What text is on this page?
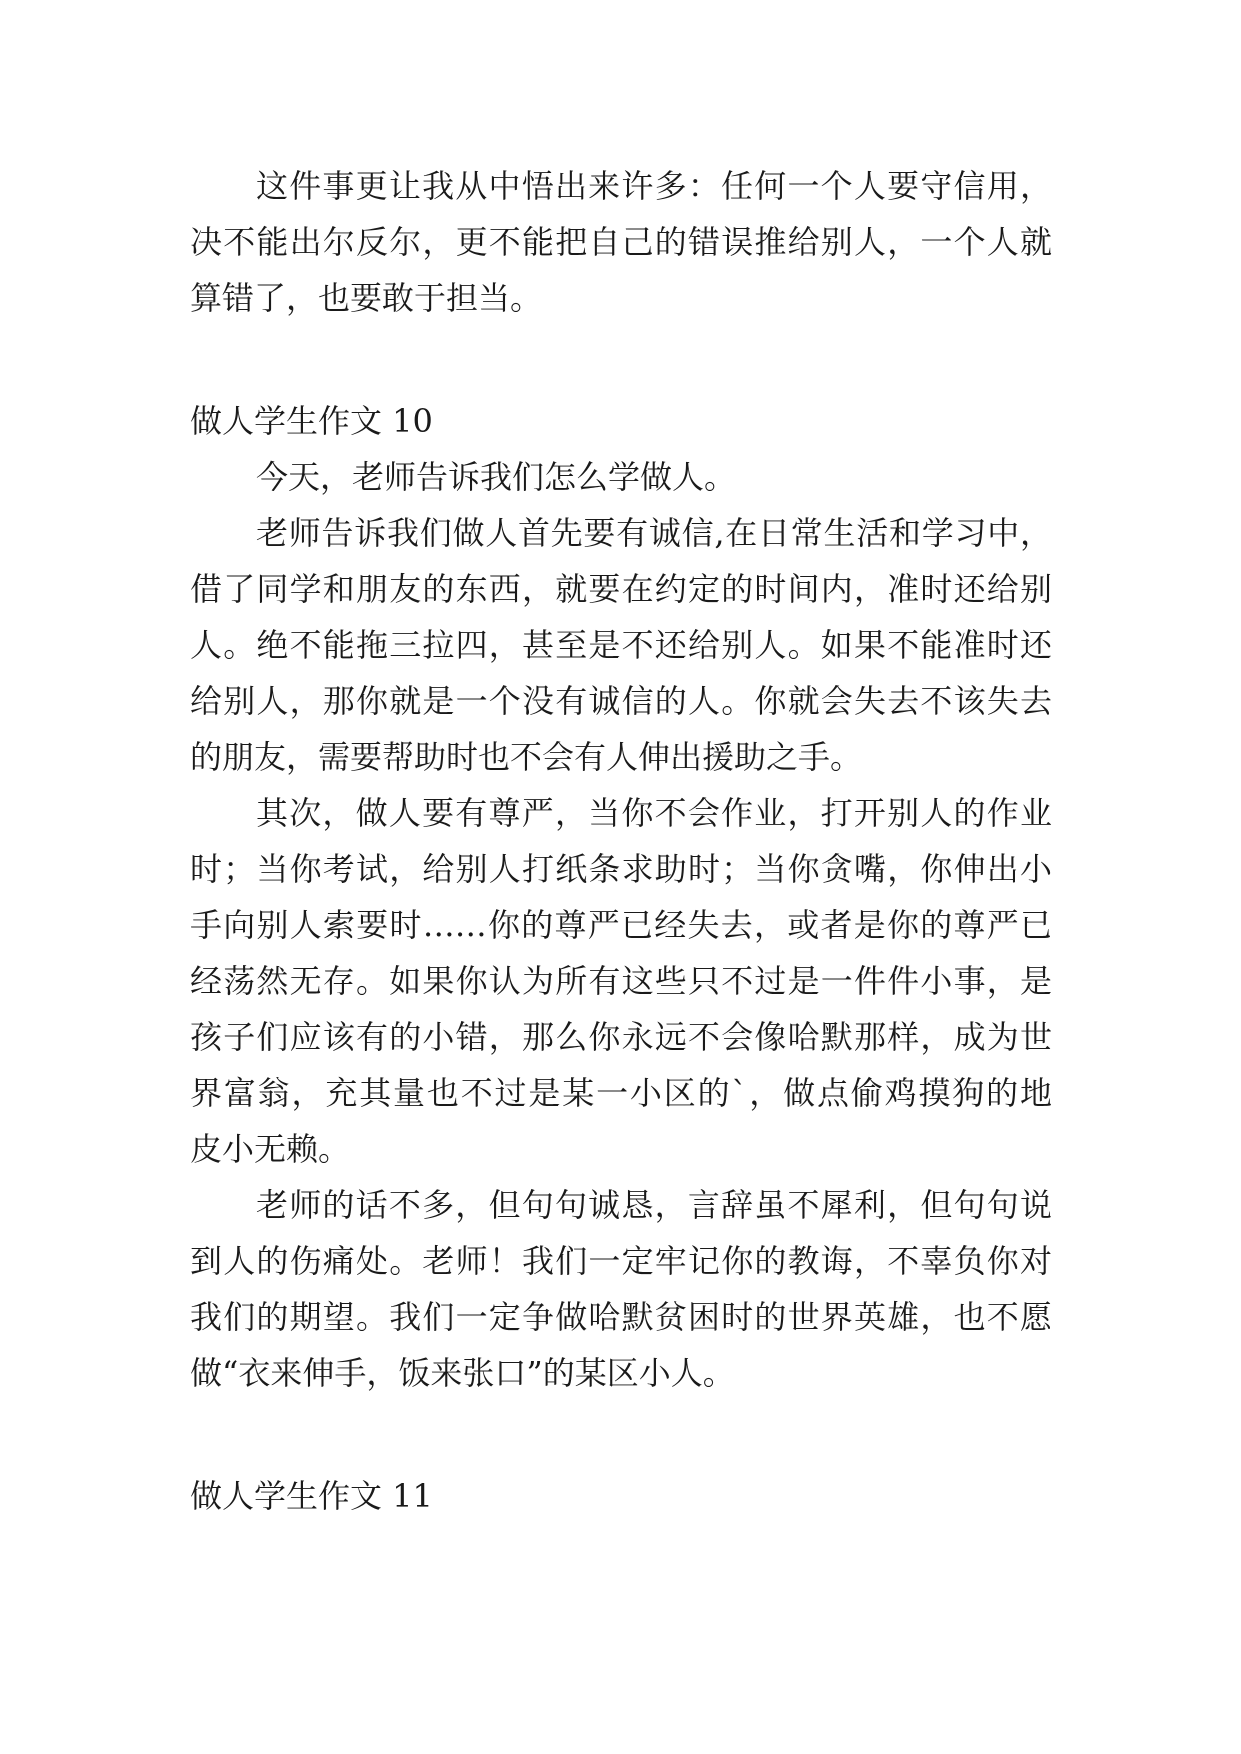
这件事更让我从中悟出来许多：任何一个人要守信用，
决不能出尔反尔，更不能把自己的错误推给别人，一个人就
算错了，也要敢于担当。
做人学生作文 10
今天，老师告诉我们怎么学做人。
老师告诉我们做人首先要有诚信,在日常生活和学习中，
借了同学和朋友的东西，就要在约定的时间内，准时还给别
人。绝不能拖三拉四，甚至是不还给别人。如果不能准时还
给别人，那你就是一个没有诚信的人。你就会失去不该失去
的朋友，需要帮助时也不会有人伸出援助之手。
其次，做人要有尊严，当你不会作业，打开别人的作业
时；当你考试，给别人打纸条求助时；当你贪嘴，你伸出小
手向别人索要时……你的尊严已经失去，或者是你的尊严已
经荡然无存。如果你认为所有这些只不过是一件件小事，是
孩子们应该有的小错，那么你永远不会像哈默那样，成为世
界富翁，充其量也不过是某一小区的`，做点偷鸡摸狗的地
皮小无赖。
老师的话不多，但句句诚恳，言辞虽不犀利，但句句说
到人的伤痛处。老师！我们一定牢记你的教诲，不辜负你对
我们的期望。我们一定争做哈默贫困时的世界英雄，也不愿
做“衣来伸手，饭来张口”的某区小人。
做人学生作文 11
